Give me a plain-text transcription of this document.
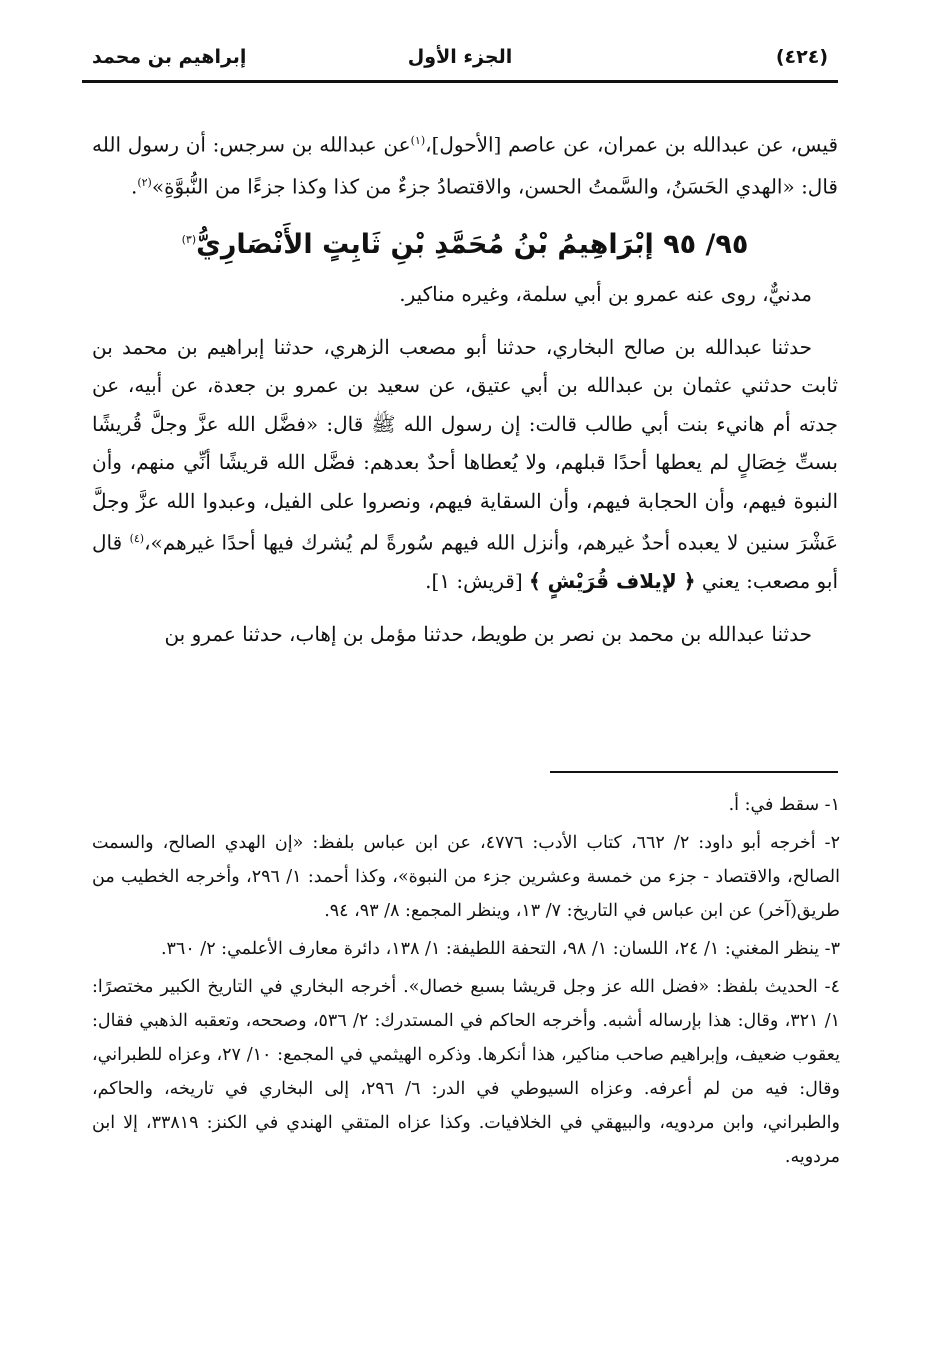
(٤٢٤)
الجزء الأول
إبراهيم بن محمد

قيس، عن عبدالله بن عمران، عن عاصم [الأحول]،$^{(١)}$عن عبدالله بن سرجس: أن رسول الله قال: «الهدي الحَسَنُ، والسَّمتُ الحسن، والاقتصادُ جزءٌ من كذا وكذا جزءًا من النُّبوَّةِ»$^{(٢)}$.

٩٥/ ٩٥ إبْرَاهِيمُ بْنُ مُحَمَّدِ بْنِ ثَابِتٍ الأَنْصَارِيُّ$^{(٣)}$

مدنيٌّ، روى عنه عمرو بن أبي سلمة، وغيره مناكير.

حدثنا عبدالله بن صالح البخاري، حدثنا أبو مصعب الزهري، حدثنا إبراهيم بن محمد بن ثابت حدثني عثمان بن عبدالله بن أبي عتيق، عن سعيد بن عمرو بن جعدة، عن أبيه، عن جدته أم هانيء بنت أبي طالب قالت: إن رسول الله ﷺ قال: «فضَّل الله عزَّ وجلَّ قُريشًا بستِّ خِصَالٍ لم يعطها أحدًا قبلهم، ولا يُعطاها أحدٌ بعدهم: فضَّل الله قريشًا أنِّي منهم، وأن النبوة فيهم، وأن الحجابة فيهم، وأن السقاية فيهم، ونصروا على الفيل، وعبدوا الله عزَّ وجلَّ عَشْرَ سنين لا يعبده أحدٌ غيرهم، وأنزل الله فيهم سُورةً لم يُشرك فيها أحدًا غيرهم»،$^{(٤)}$ قال أبو مصعب: يعني ﴿ لإيلاف قُرَيْشٍ ﴾ [قريش: ١].

حدثنا عبدالله بن محمد بن نصر بن طويط، حدثنا مؤمل بن إهاب، حدثنا عمرو بن

١- سقط في: أ.

٢- أخرجه أبو داود: ٢/ ٦٦٢، كتاب الأدب: ٤٧٧٦، عن ابن عباس بلفظ: «إن الهدي الصالح، والسمت الصالح، والاقتصاد - جزء من خمسة وعشرين جزء من النبوة»، وكذا أحمد: ١/ ٢٩٦، وأخرجه الخطيب من طريق(آخر) عن ابن عباس في التاريخ: ٧/ ١٣، وينظر المجمع: ٨/ ٩٣، ٩٤.

٣- ينظر المغني: ١/ ٢٤، اللسان: ١/ ٩٨، التحفة اللطيفة: ١/ ١٣٨، دائرة معارف الأعلمي: ٢/ ٣٦٠.

٤- الحديث بلفظ: «فضل الله عز وجل قريشا بسبع خصال». أخرجه البخاري في التاريخ الكبير مختصرًا: ١/ ٣٢١، وقال: هذا بإرساله أشبه. وأخرجه الحاكم في المستدرك: ٢/ ٥٣٦، وصححه، وتعقبه الذهبي فقال: يعقوب ضعيف، وإبراهيم صاحب مناكير، هذا أنكرها. وذكره الهيثمي في المجمع: ١٠/ ٢٧، وعزاه للطبراني، وقال: فيه من لم أعرفه. وعزاه السيوطي في الدر: ٦/ ٢٩٦، إلى البخاري في تاريخه، والحاكم، والطبراني، وابن مردويه، والبيهقي في الخلافيات. وكذا عزاه المتقي الهندي في الكنز: ٣٣٨١٩، إلا ابن مردويه.
